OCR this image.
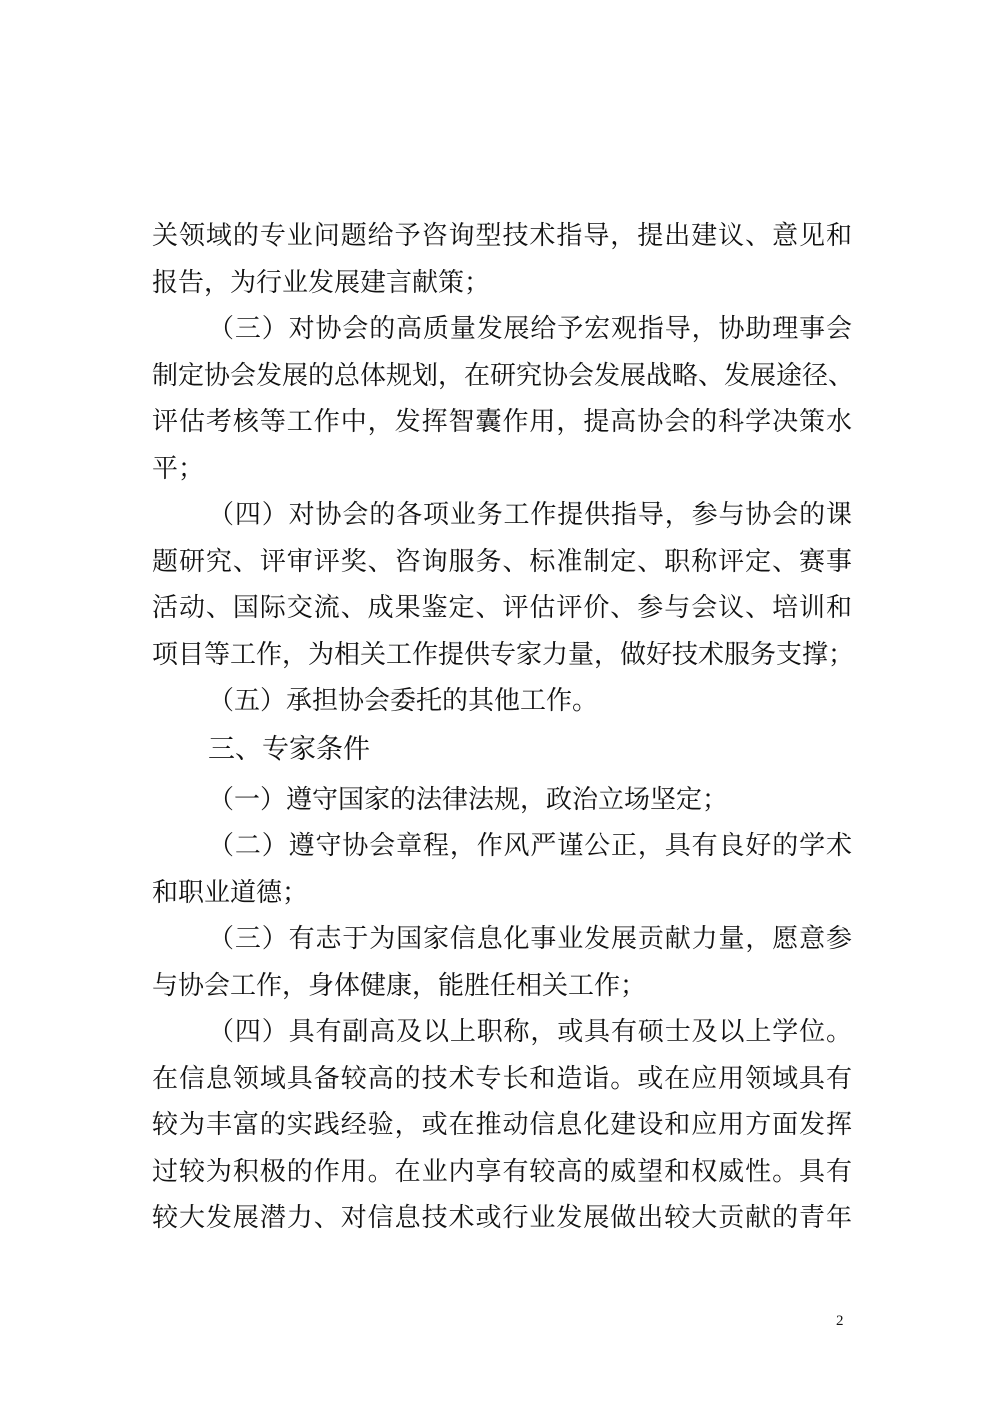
关领域的专业问题给予咨询型技术指导，提出建议、意见和
报告，为行业发展建言献策；
（三）对协会的高质量发展给予宏观指导，协助理事会
制定协会发展的总体规划，在研究协会发展战略、发展途径、
评估考核等工作中，发挥智囊作用，提高协会的科学决策水
平；
（四）对协会的各项业务工作提供指导，参与协会的课
题研究、评审评奖、咨询服务、标准制定、职称评定、赛事
活动、国际交流、成果鉴定、评估评价、参与会议、培训和
项目等工作，为相关工作提供专家力量，做好技术服务支撑；
（五）承担协会委托的其他工作。
三、专家条件
（一）遵守国家的法律法规，政治立场坚定；
（二）遵守协会章程，作风严谨公正，具有良好的学术
和职业道德；
（三）有志于为国家信息化事业发展贡献力量，愿意参
与协会工作，身体健康，能胜任相关工作；
（四）具有副高及以上职称，或具有硕士及以上学位。
在信息领域具备较高的技术专长和造诣。或在应用领域具有
较为丰富的实践经验，或在推动信息化建设和应用方面发挥
过较为积极的作用。在业内享有较高的威望和权威性。具有
较大发展潜力、对信息技术或行业发展做出较大贡献的青年
2
